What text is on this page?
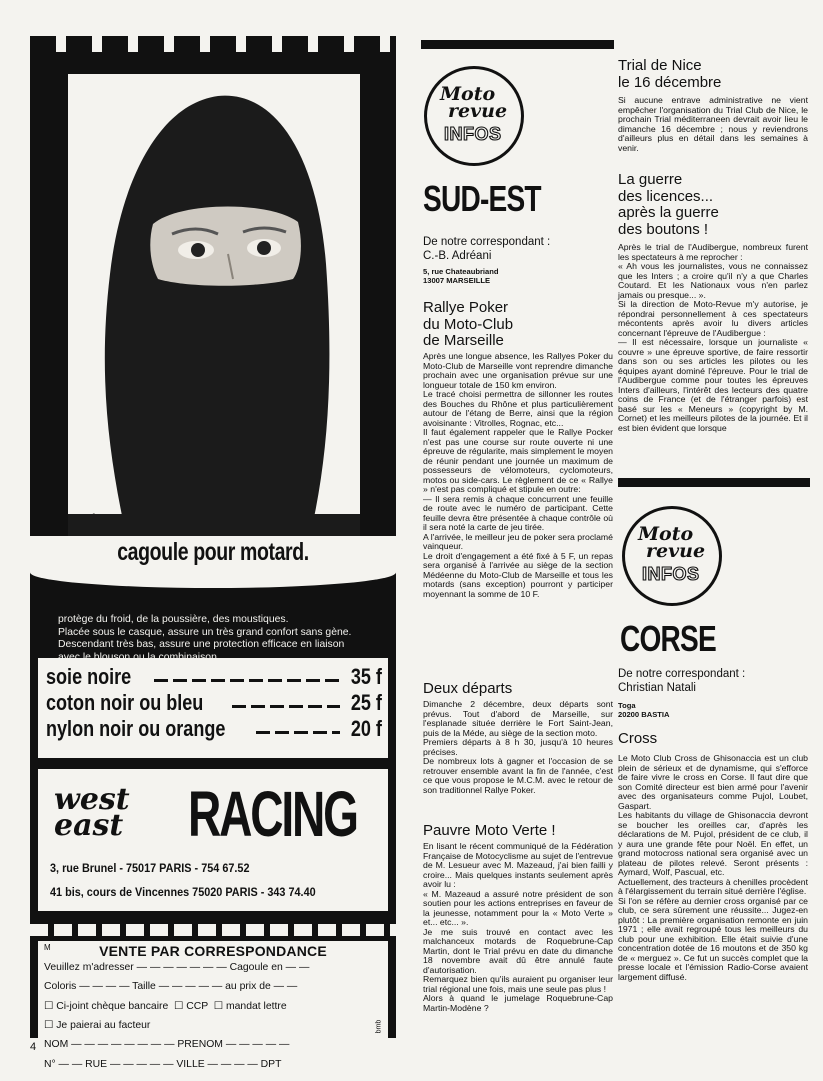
cagoule pour motard.
protège du froid, de la poussière, des moustiques.
Placée sous le casque, assure un très grand confort sans gène.
Descendant très bas, assure une protection efficace en liaison
soie noire	35 f
coton noir ou bleu	25 f
nylon noir ou orange	20 f
west
east RACING
3, rue Brunel - 75017 PARIS - 754 67.52
41 bis, cours de Vincennes 75020 PARIS - 343 74.40
M	VENTE PAR CORRESPONDANCE
Veuillez m'adresser — — — — — — — Cagoule en — —
Coloris — — — — Taille — — — — — au prix de — —
☐ Ci-joint chèque bancaire  ☐ CCP  ☐ mandat lettre
☐ Je paierai au facteur
NOM — — — — — — — — PRENOM — — — — —
N° — — RUE — — — — — VILLE — — — — DPT
bmb
4
Moto
revue
INFOS
SUD-EST
De notre correspondant :
C.-B. Adréani
5, rue Chateaubriand
13007 MARSEILLE
Rallye Poker
du Moto-Club
de Marseille

Après une longue absence, les Rallyes Poker du Moto-Club de Marseille vont reprendre dimanche prochain avec une organisation prévue sur une longueur totale de 150 km environ.

Le tracé choisi permettra de sillonner les routes des Bouches du Rhône et plus particulièrement autour de l'étang de Berre, ainsi que la région avoisinante : Vitrolles, Rognac, etc...

Il faut également rappeler que le Rallye Pocker n'est pas une course sur route ouverte ni une épreuve de régularite, mais simplement le moyen de réunir pendant une journée un maximum de possesseurs de vélomoteurs, cyclomoteurs, motos ou side-cars. Le règlement de ce « Rallye » n'est pas compliqué et stipule en outre:

— Il sera remis à chaque concurrent une feuille de route avec le numéro de participant. Cette feuille devra être présentée à chaque contrôle où il sera noté la carte de jeu tirée.

A l'arrivée, le meilleur jeu de poker sera proclamé vainqueur.

Le droit d'engagement a été fixé à 5 F, un repas sera organisé à l'arrivée au siège de la section Médéenne du Moto-Club de Marseille et tous les motards (sans exception) pourront y participer moyennant la somme de 10 F.

Deux départs

Dimanche 2 décembre, deux départs sont prévus. Tout d'abord de Marseille, sur l'esplanade située derrière le Fort Saint-Jean, puis de la Méde, au siège de la section moto.

Premiers départs à 8 h 30, jusqu'à 10 heures précises.

De nombreux lots à gagner et l'occasion de se retrouver ensemble avant la fin de l'année, c'est ce que vous propose le M.C.M. avec le retour de son traditionnel Rallye Poker.

Pauvre Moto Verte !

En lisant le récent communiqué de la Fédération Française de Motocyclisme au sujet de l'entrevue de M. Lesueur avec M. Mazeaud, j'ai bien failli y croire... Mais quelques instants seulement après avoir lu :

« M. Mazeaud a assuré notre président de son soutien pour les actions entreprises en faveur de la jeunesse, notamment pour la « Moto Verte » et... etc... ».

Je me suis trouvé en contact avec les malchanceux motards de Roquebrune-Cap Martin, dont le Trial prévu en date du dimanche 18 novembre avait dû être annulé faute d'autorisation.

Remarquez bien qu'ils auraient pu organiser leur trial régional une fois, mais une seule pas plus !

Alors à quand le jumelage Roquebrune-Cap Martin-Modène ?

Trial de Nice
le 16 décembre

Si aucune entrave administrative ne vient empêcher l'organisation du Trial Club de Nice, le prochain Trial méditerraneen devrait avoir lieu le dimanche 16 décembre ; nous y reviendrons d'ailleurs plus en détail dans les semaines à venir.

La guerre
des licences...
après la guerre
des boutons !

Après le trial de l'Audibergue, nombreux furent les spectateurs à me reprocher :

« Ah vous les journalistes, vous ne connaissez que les Inters ; a croire qu'il n'y a que Charles Coutard. Et les Nationaux vous n'en parlez jamais ou presque... ».

Si la direction de Moto-Revue m'y autorise, je répondrai personnellement à ces spectateurs mécontents après avoir lu divers articles concernant l'épreuve de l'Audibergue :

— Il est nécessaire, lorsque un journaliste « couvre » une épreuve sportive, de faire ressortir dans son ou ses articles les pilotes ou les équipes ayant dominé l'épreuve. Pour le trial de l'Audibergue comme pour toutes les épreuves Inters d'ailleurs, l'intérêt des lecteurs des quatre coins de France (et de l'étranger parfois) est basé sur les « Meneurs » (copyright by M. Cornet) et les meilleurs pilotes de la journée. Et il est bien évident que lorsque

Moto
revue
INFOS
CORSE
De notre correspondant :
Christian Natali
Toga
20200 BASTIA
Cross

Le Moto Club Cross de Ghisonaccia est un club plein de sérieux et de dynamisme, qui s'efforce de faire vivre le cross en Corse. Il faut dire que son Comité directeur est bien armé pour l'avenir avec des organisateurs comme Pujol, Loubet, Gaspart.

Les habitants du village de Ghisonaccia devront se boucher les oreilles car, d'après les déclarations de M. Pujol, président de ce club, il y aura une grande fête pour Noël. En effet, un grand motocross national sera organisé avec un plateau de pilotes relevé. Seront présents : Aymard, Wolf, Pascual, etc.

Actuellement, des tracteurs à chenilles procèdent à l'élargissement du terrain situé derrière l'église.

Si l'on se réfère au dernier cross organisé par ce club, ce sera sûrement une réussite... Jugez-en plutôt : La première organisation remonte en juin 1971 ; elle avait regroupé tous les meilleurs du club pour une exhibition. Elle était suivie d'une concentration dotée de 16 moutons et de 350 kg de « merguez ». Ce fut un succès complet que la presse locale et l'émission Radio-Corse avaient largement diffusé.
